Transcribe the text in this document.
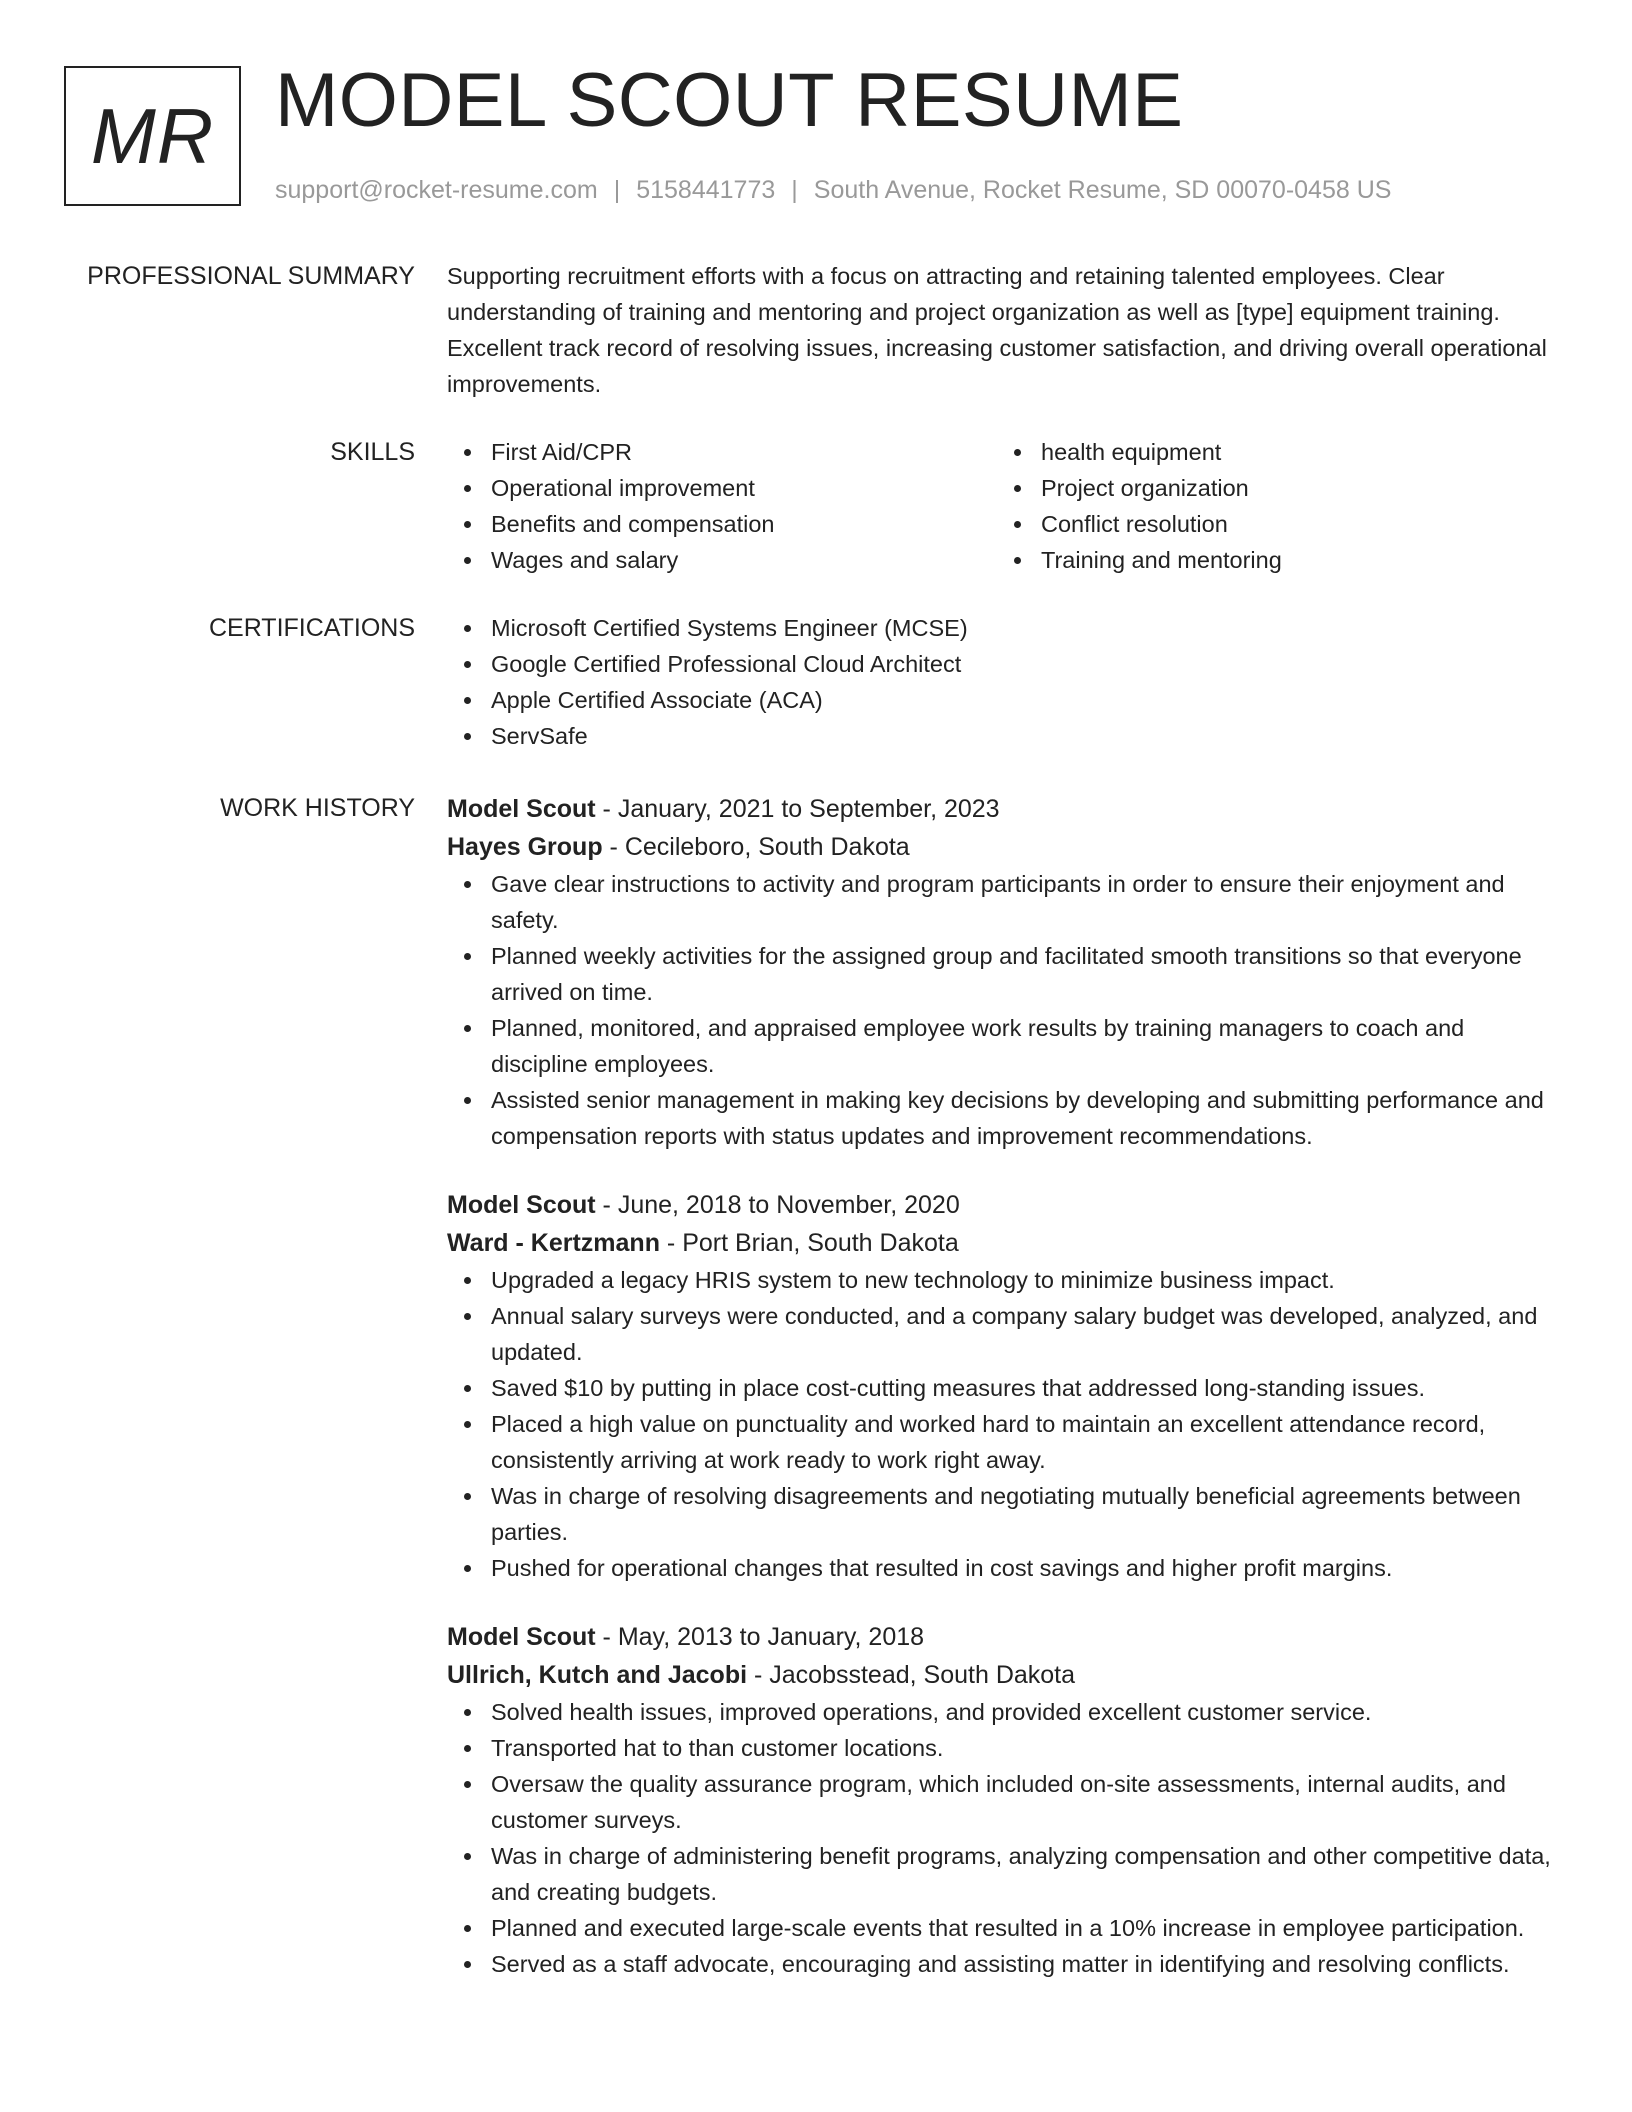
MR MODEL SCOUT RESUME
support@rocket-resume.com | 5158441773 | South Avenue, Rocket Resume, SD 00070-0458 US
PROFESSIONAL SUMMARY Supporting recruitment efforts with a focus on attracting and retaining talented employees. Clear understanding of training and mentoring and project organization as well as [type] equipment training. Excellent track record of resolving issues, increasing customer satisfaction, and driving overall operational improvements.

SKILLS	First Aid/CPR
Operational improvement
Benefits and compensation
Wages and salary
health equipment
Project organization
Conflict resolution
Training and mentoring
CERTIFICATIONS	Microsoft Certified Systems Engineer (MCSE)
Google Certified Professional Cloud Architect
Apple Certified Associate (ACA)
ServSafe
WORK HISTORY Model Scout - January, 2021 to September, 2023
Hayes Group - Cecileboro, South Dakota
Gave clear instructions to activity and program participants in order to ensure their enjoyment and safety.
Planned weekly activities for the assigned group and facilitated smooth transitions so that everyone arrived on time.
Planned, monitored, and appraised employee work results by training managers to coach and discipline employees.
Assisted senior management in making key decisions by developing and submitting performance and compensation reports with status updates and improvement recommendations.
Model Scout - June, 2018 to November, 2020
Ward - Kertzmann - Port Brian, South Dakota
Upgraded a legacy HRIS system to new technology to minimize business impact.
Annual salary surveys were conducted, and a company salary budget was developed, analyzed, and updated.
Saved $10 by putting in place cost-cutting measures that addressed long-standing issues.
Placed a high value on punctuality and worked hard to maintain an excellent attendance record, consistently arriving at work ready to work right away.
Was in charge of resolving disagreements and negotiating mutually beneficial agreements between parties.
Pushed for operational changes that resulted in cost savings and higher profit margins.
Model Scout - May, 2013 to January, 2018
Ullrich, Kutch and Jacobi - Jacobsstead, South Dakota
Solved health issues, improved operations, and provided excellent customer service.
Transported hat to than customer locations.
Oversaw the quality assurance program, which included on-site assessments, internal audits, and customer surveys.
Was in charge of administering benefit programs, analyzing compensation and other competitive data, and creating budgets.
Planned and executed large-scale events that resulted in a 10% increase in employee participation.
Served as a staff advocate, encouraging and assisting matter in identifying and resolving conflicts.
